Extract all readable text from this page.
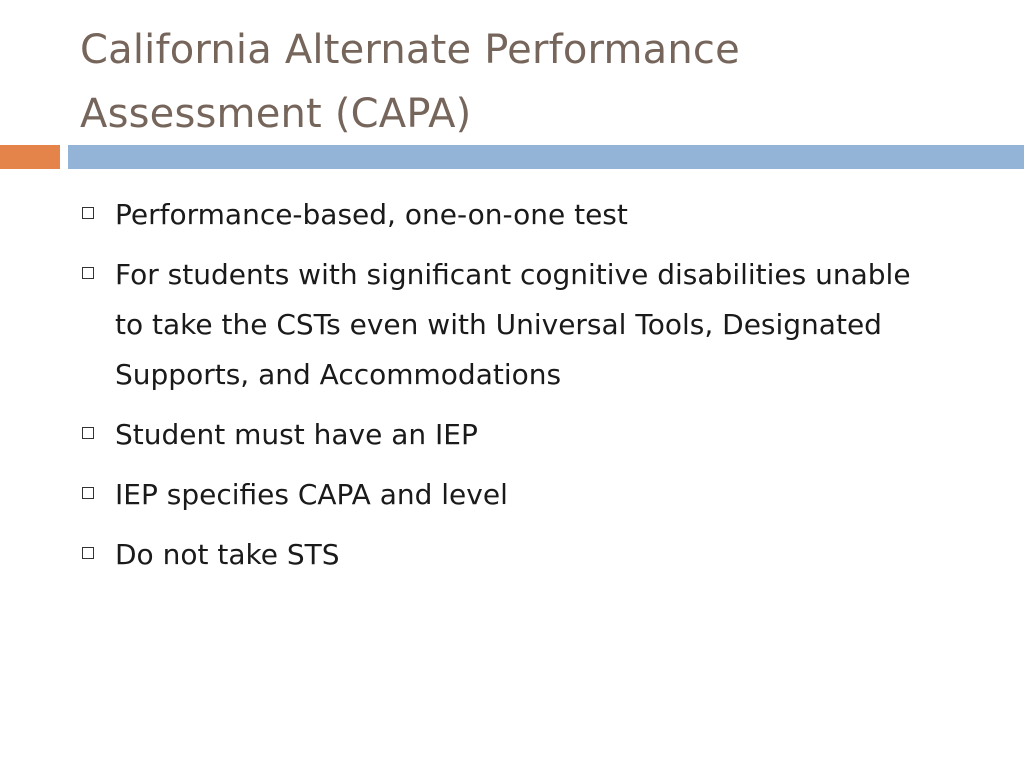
California Alternate Performance Assessment (CAPA)
Performance-based, one-on-one test
For students with significant cognitive disabilities unable to take the CSTs even with Universal Tools, Designated Supports, and Accommodations
Student must have an IEP
IEP specifies CAPA and level
Do not take STS
